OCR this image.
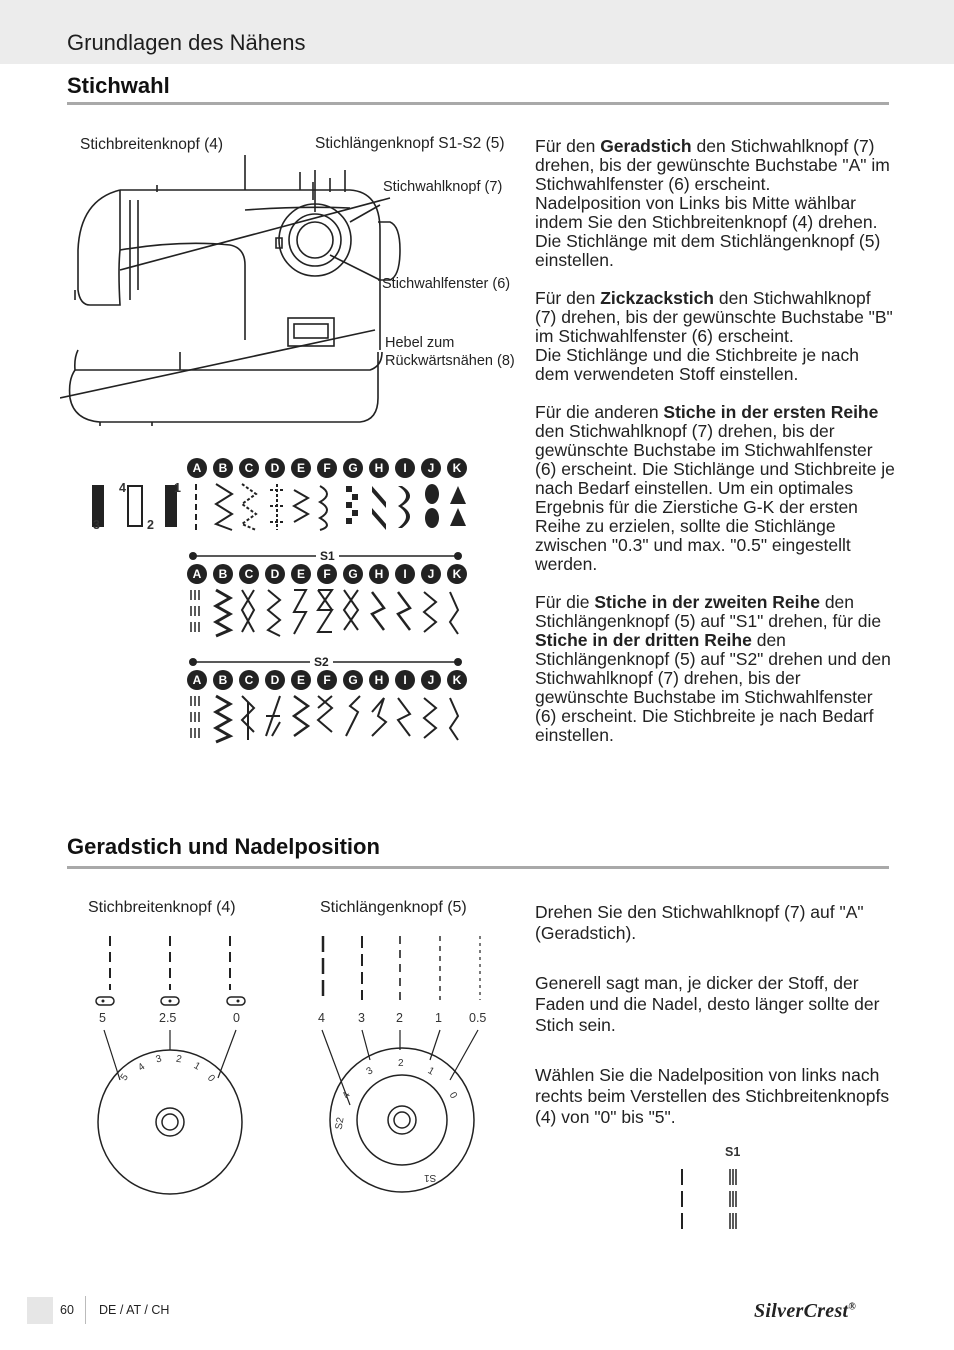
Grundlagen des Nähens
Stichwahl
Stichbreitenknopf (4)	Stichlängenknopf S1-S2 (5)
Stichwahlknopf (7)
Stichwahlfenster (6)
Hebel zum
Rückwärtsnähen (8)
A B C D E F G H I J K
4	1
3	2
S1
A B C D E F G H I J K
S2
A B C D E F G H I J K

Für den Geradstich den Stichwahlknopf (7) drehen, bis der gewünschte Buchstabe "A" im Stichwahlfenster (6) erscheint.

Nadelposition von Links bis Mitte wählbar indem Sie den Stichbreitenknopf (4) drehen. Die Stichlänge mit dem Stichlängenknopf (5) einstellen.

Für den Zickzackstich den Stichwahlknopf (7) drehen, bis der gewünschte Buchstabe "B" im Stichwahlfenster (6) erscheint.

Die Stichlänge und die Stichbreite je nach dem verwendeten Stoff einstellen.

Für die anderen Stiche in der ersten Reihe den Stichwahlknopf (7) drehen, bis der gewünschte Buchstabe im Stichwahlfenster (6) erscheint. Die Stichlänge und Stichbreite je nach Bedarf einstellen. Um ein optimales Ergebnis für die Zierstiche G-K der ersten Reihe zu erzielen, sollte die Stichlänge zwischen "0.3" und max. "0.5" eingestellt werden.

Für die Stiche in der zweiten Reihe den Stichlängenknopf (5) auf "S1" drehen, für die Stiche in der dritten Reihe den Stichlängenknopf (5) auf "S2" drehen und den Stichwahlknopf (7) drehen, bis der gewünschte Buchstabe im Stichwahlfenster (6) erscheint. Die Stichbreite je nach Bedarf einstellen.

Geradstich und Nadelposition
Stichbreitenknopf (4)	Stichlängenknopf (5)
5	2.5	0
5
4
3 2
1
0
4	3 2	1 0.5
S2
4
3
2
1
0
S1

Drehen Sie den Stichwahlknopf (7) auf "A" (Geradstich).

Generell sagt man, je dicker der Stoff, der Faden und die Nadel, desto länger sollte der Stich sein.

Wählen Sie die Nadelposition von links nach rechts beim Verstellen des Stichbreitenknopfs (4) von "0" bis "5".

S1
60 DE / AT / CH	SilverCrest®
